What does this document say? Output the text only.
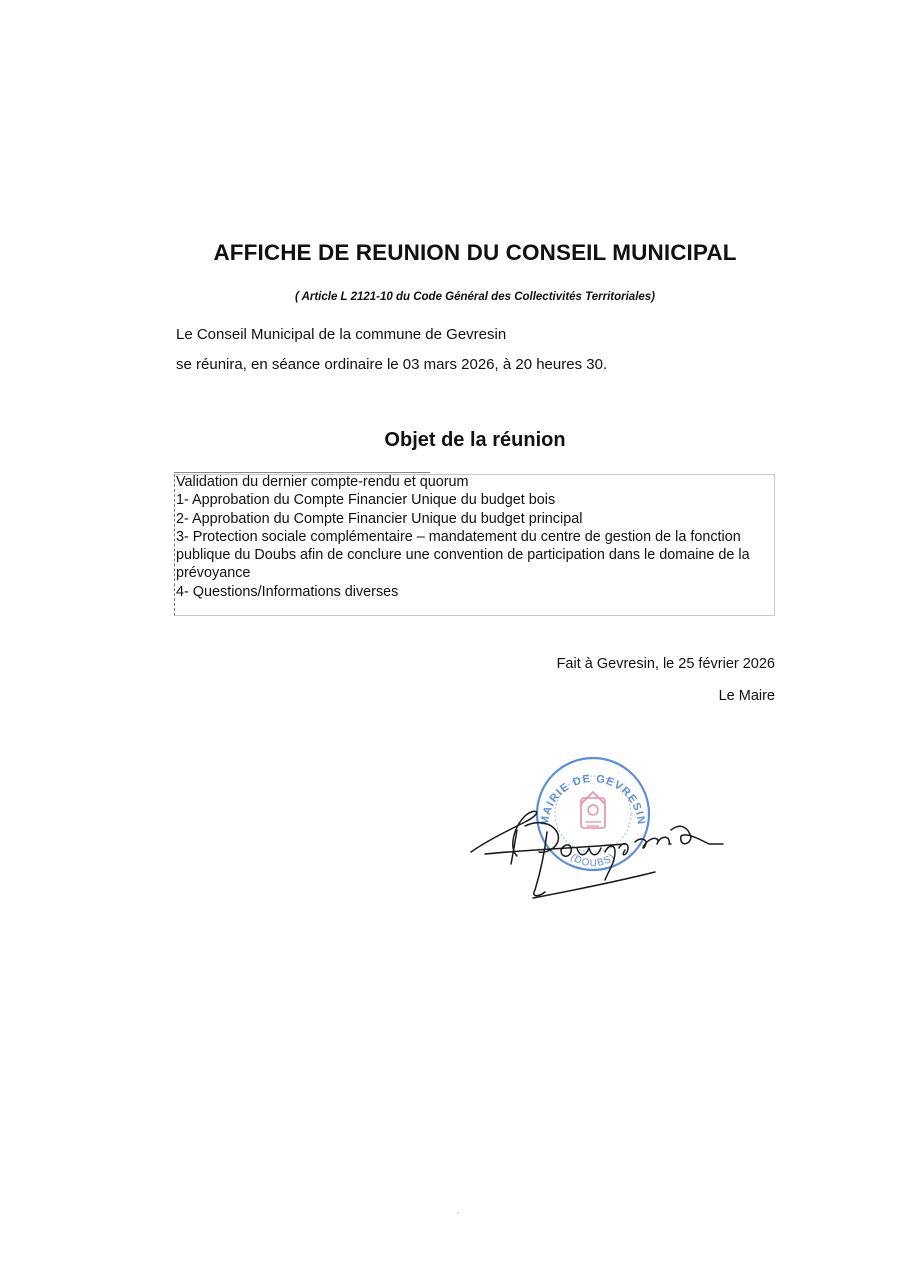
AFFICHE DE REUNION DU CONSEIL MUNICIPAL
( Article L 2121-10 du Code Général des Collectivités Territoriales)
Le Conseil Municipal de la commune de Gevresin
se réunira, en séance ordinaire le 03 mars 2026, à 20 heures 30.
Objet de la réunion
Validation du dernier compte-rendu et quorum
1- Approbation du Compte Financier Unique du budget bois
2- Approbation du Compte Financier Unique du budget principal
3- Protection sociale complémentaire – mandatement du centre de gestion de la fonction publique du Doubs afin de conclure une convention de participation dans le domaine de la prévoyance
4- Questions/Informations diverses
Fait à Gevresin, le 25 février 2026
Le Maire
MAIRIE DE GEVRESIN
(DOUBS)
